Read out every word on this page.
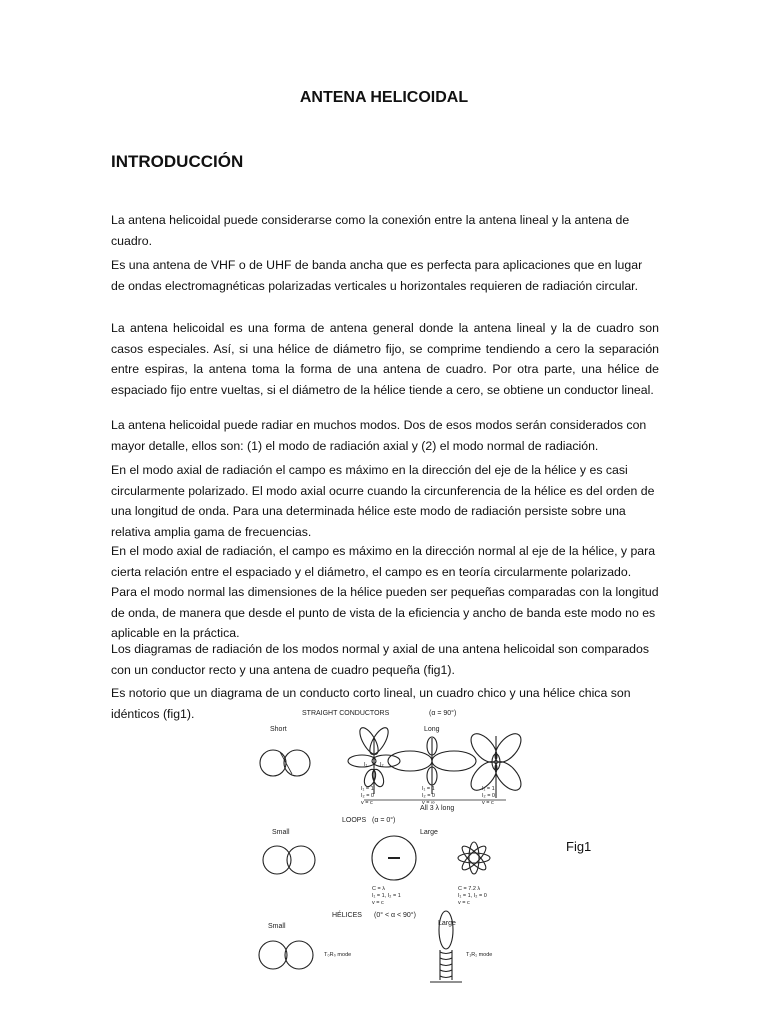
ANTENA HELICOIDAL
INTRODUCCIÓN

La antena helicoidal puede considerarse como la conexión entre la antena lineal y la antena de cuadro.

Es una antena de VHF o de UHF de banda ancha que es perfecta para aplicaciones que en lugar de ondas electromagnéticas polarizadas verticales u horizontales requieren de radiación circular.

La antena helicoidal es una forma de antena general donde la antena lineal y la de cuadro son casos especiales. Así, si una hélice de diámetro fijo, se comprime tendiendo a cero la separación entre espiras, la antena toma la forma de una antena de cuadro. Por otra parte, una hélice de espaciado fijo entre vueltas, si el diámetro de la hélice tiende a cero, se obtiene un conductor lineal.

La antena helicoidal puede radiar en muchos modos. Dos de esos modos serán considerados con mayor detalle, ellos son: (1) el modo de radiación axial y (2) el modo normal de radiación.

En el modo axial de radiación el campo es máximo en la dirección del eje de la hélice y es casi circularmente polarizado. El modo axial ocurre cuando la circunferencia de la hélice es del orden de una longitud de onda. Para una determinada hélice este modo de radiación persiste sobre una relativa amplia gama de frecuencias.

En el modo axial de radiación, el campo es máximo en la dirección normal al eje de la hélice, y para cierta relación entre el espaciado y el diámetro, el campo es en teoría circularmente polarizado. Para el modo normal las dimensiones de la hélice pueden ser pequeñas comparadas con la longitud de onda, de manera que desde el punto de vista de la eficiencia y ancho de banda este modo no es aplicable en la práctica.

Los diagramas de radiación de los modos normal y axial de una antena helicoidal son comparados con un conductor recto y una antena de cuadro pequeña (fig1).

Es notorio que un diagrama de un conducto corto lineal, un cuadro chico y una hélice chica son idénticos (fig1).	STRAIGHT CONDUCTORS	(α = 90°)
Short	Long
I₁ I₂
I₁ = 1
I₂ = 0
v = c
I₁ = 1
I₂ = 0
v = ∞
I₁ = 1
I₂ = 0
v = c
All 3 λ long
LOOPS (α = 0°)
Small	Large
C = λ
I₁ = 1, I₂ = 1
v = c
C = 7.2 λ
I₁ = 1, I₂ = 0
v = c
HÉLICES (0° < α < 90°)
Small	Large
T₀R₀ mode	T₁R₁ mode
Fig1
